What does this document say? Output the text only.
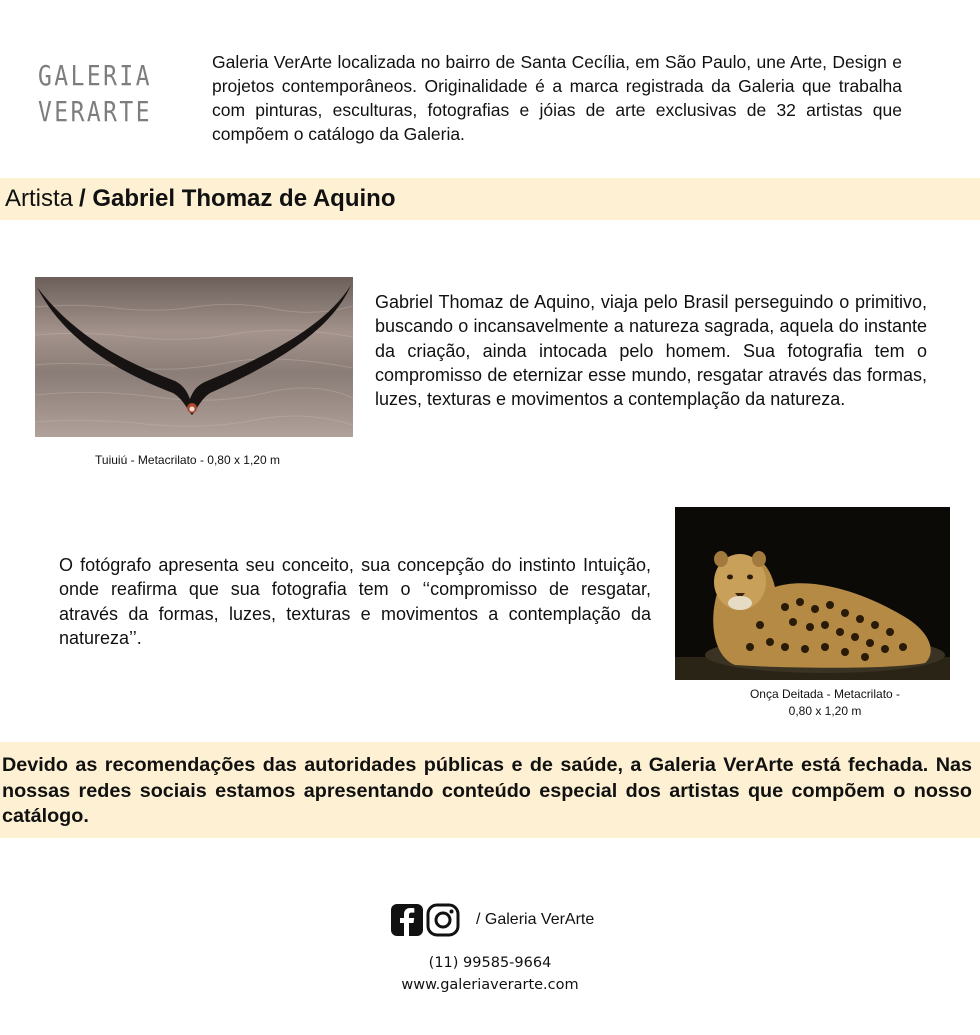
GALERIA
VERARTE
Galeria VerArte localizada no bairro de Santa Cecília, em São Paulo, une Arte, Design e projetos contemporâneos. Originalidade é a marca registrada da Galeria que trabalha com pinturas, esculturas, fotografias e jóias de arte exclusivas de 32 artistas que compõem o catálogo da Galeria.
Artista / Gabriel Thomaz de Aquino
Tuiuiú - Metacrilato - 0,80 x 1,20 m
Gabriel Thomaz de Aquino, viaja pelo Brasil perseguindo o primitivo, buscando o incansavelmente a natureza sagrada, aquela do instante da criação, ainda intocada pelo homem. Sua fotografia tem o compromisso de eternizar esse mundo, resgatar através das formas, luzes, texturas e movimentos a contemplação da natureza.
O fotógrafo apresenta seu conceito, sua concepção do instinto Intuição, onde reafirma que sua fotografia tem o ‘‘compromisso de resgatar, através da formas, luzes, texturas e movimentos a contemplação da natureza’’.
Onça Deitada - Metacrilato -
0,80 x 1,20 m

Devido as recomendações das autoridades públicas e de saúde, a Galeria VerArte está fechada. Nas nossas redes sociais estamos apresentando conteúdo especial dos artistas que compõem o nosso catálogo.

/ Galeria VerArte
(11) 99585-9664
www.galeriaverarte.com
